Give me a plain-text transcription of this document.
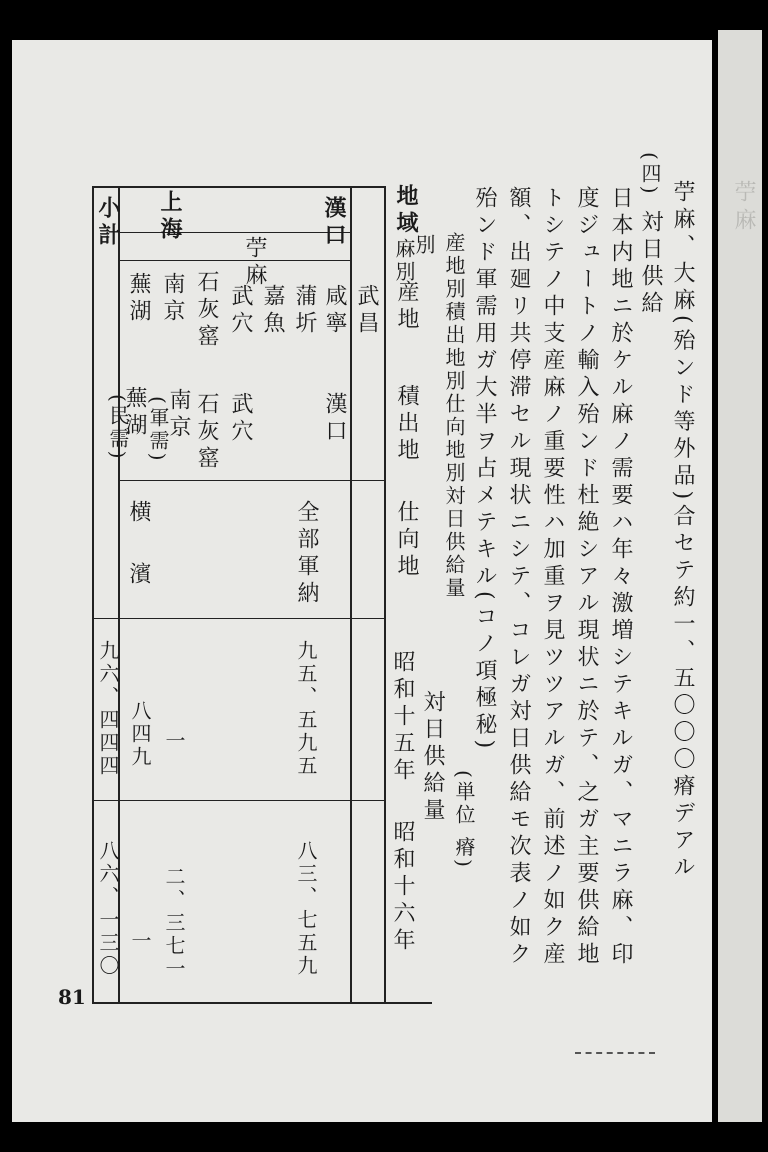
苧麻
(四)
苧麻、大麻(殆ンド等外品)合セテ約一、五〇〇〇瘠デアル
対日供給
日本内地ニ於ケル麻ノ需要ハ年々激増シテキルガ、マニラ麻、印
度ジュートノ輸入殆ンド杜絶シアル現状ニ於テ、之ガ主要供給地
トシテノ中支産麻ノ重要性ハ加重ヲ見ツツアルガ、前述ノ如ク産
額、出廻リ共停滞セル現状ニシテ、コレガ対日供給モ次表ノ如ク
殆ンド軍需用ガ大半ヲ占メテキル(コノ項極秘)
産地別積出地別仕向地別対日供給量
(単位 瘠)
地域
別
麻別
産地
積出地
仕向地
対日供給量
昭和十五年
昭和十六年
漢口
上海
苧麻
小計
武昌
咸寧
蒲圻
嘉魚
武穴
石灰窰
南京
蕪湖
漢口
武穴
石灰窰
南京
(軍需)
蕪湖
(民需)
全部軍納
横濱
九五、五九五
一
八四九
九六、四四四
八三、七五九
二、三七一
一
八六、一三〇
81
